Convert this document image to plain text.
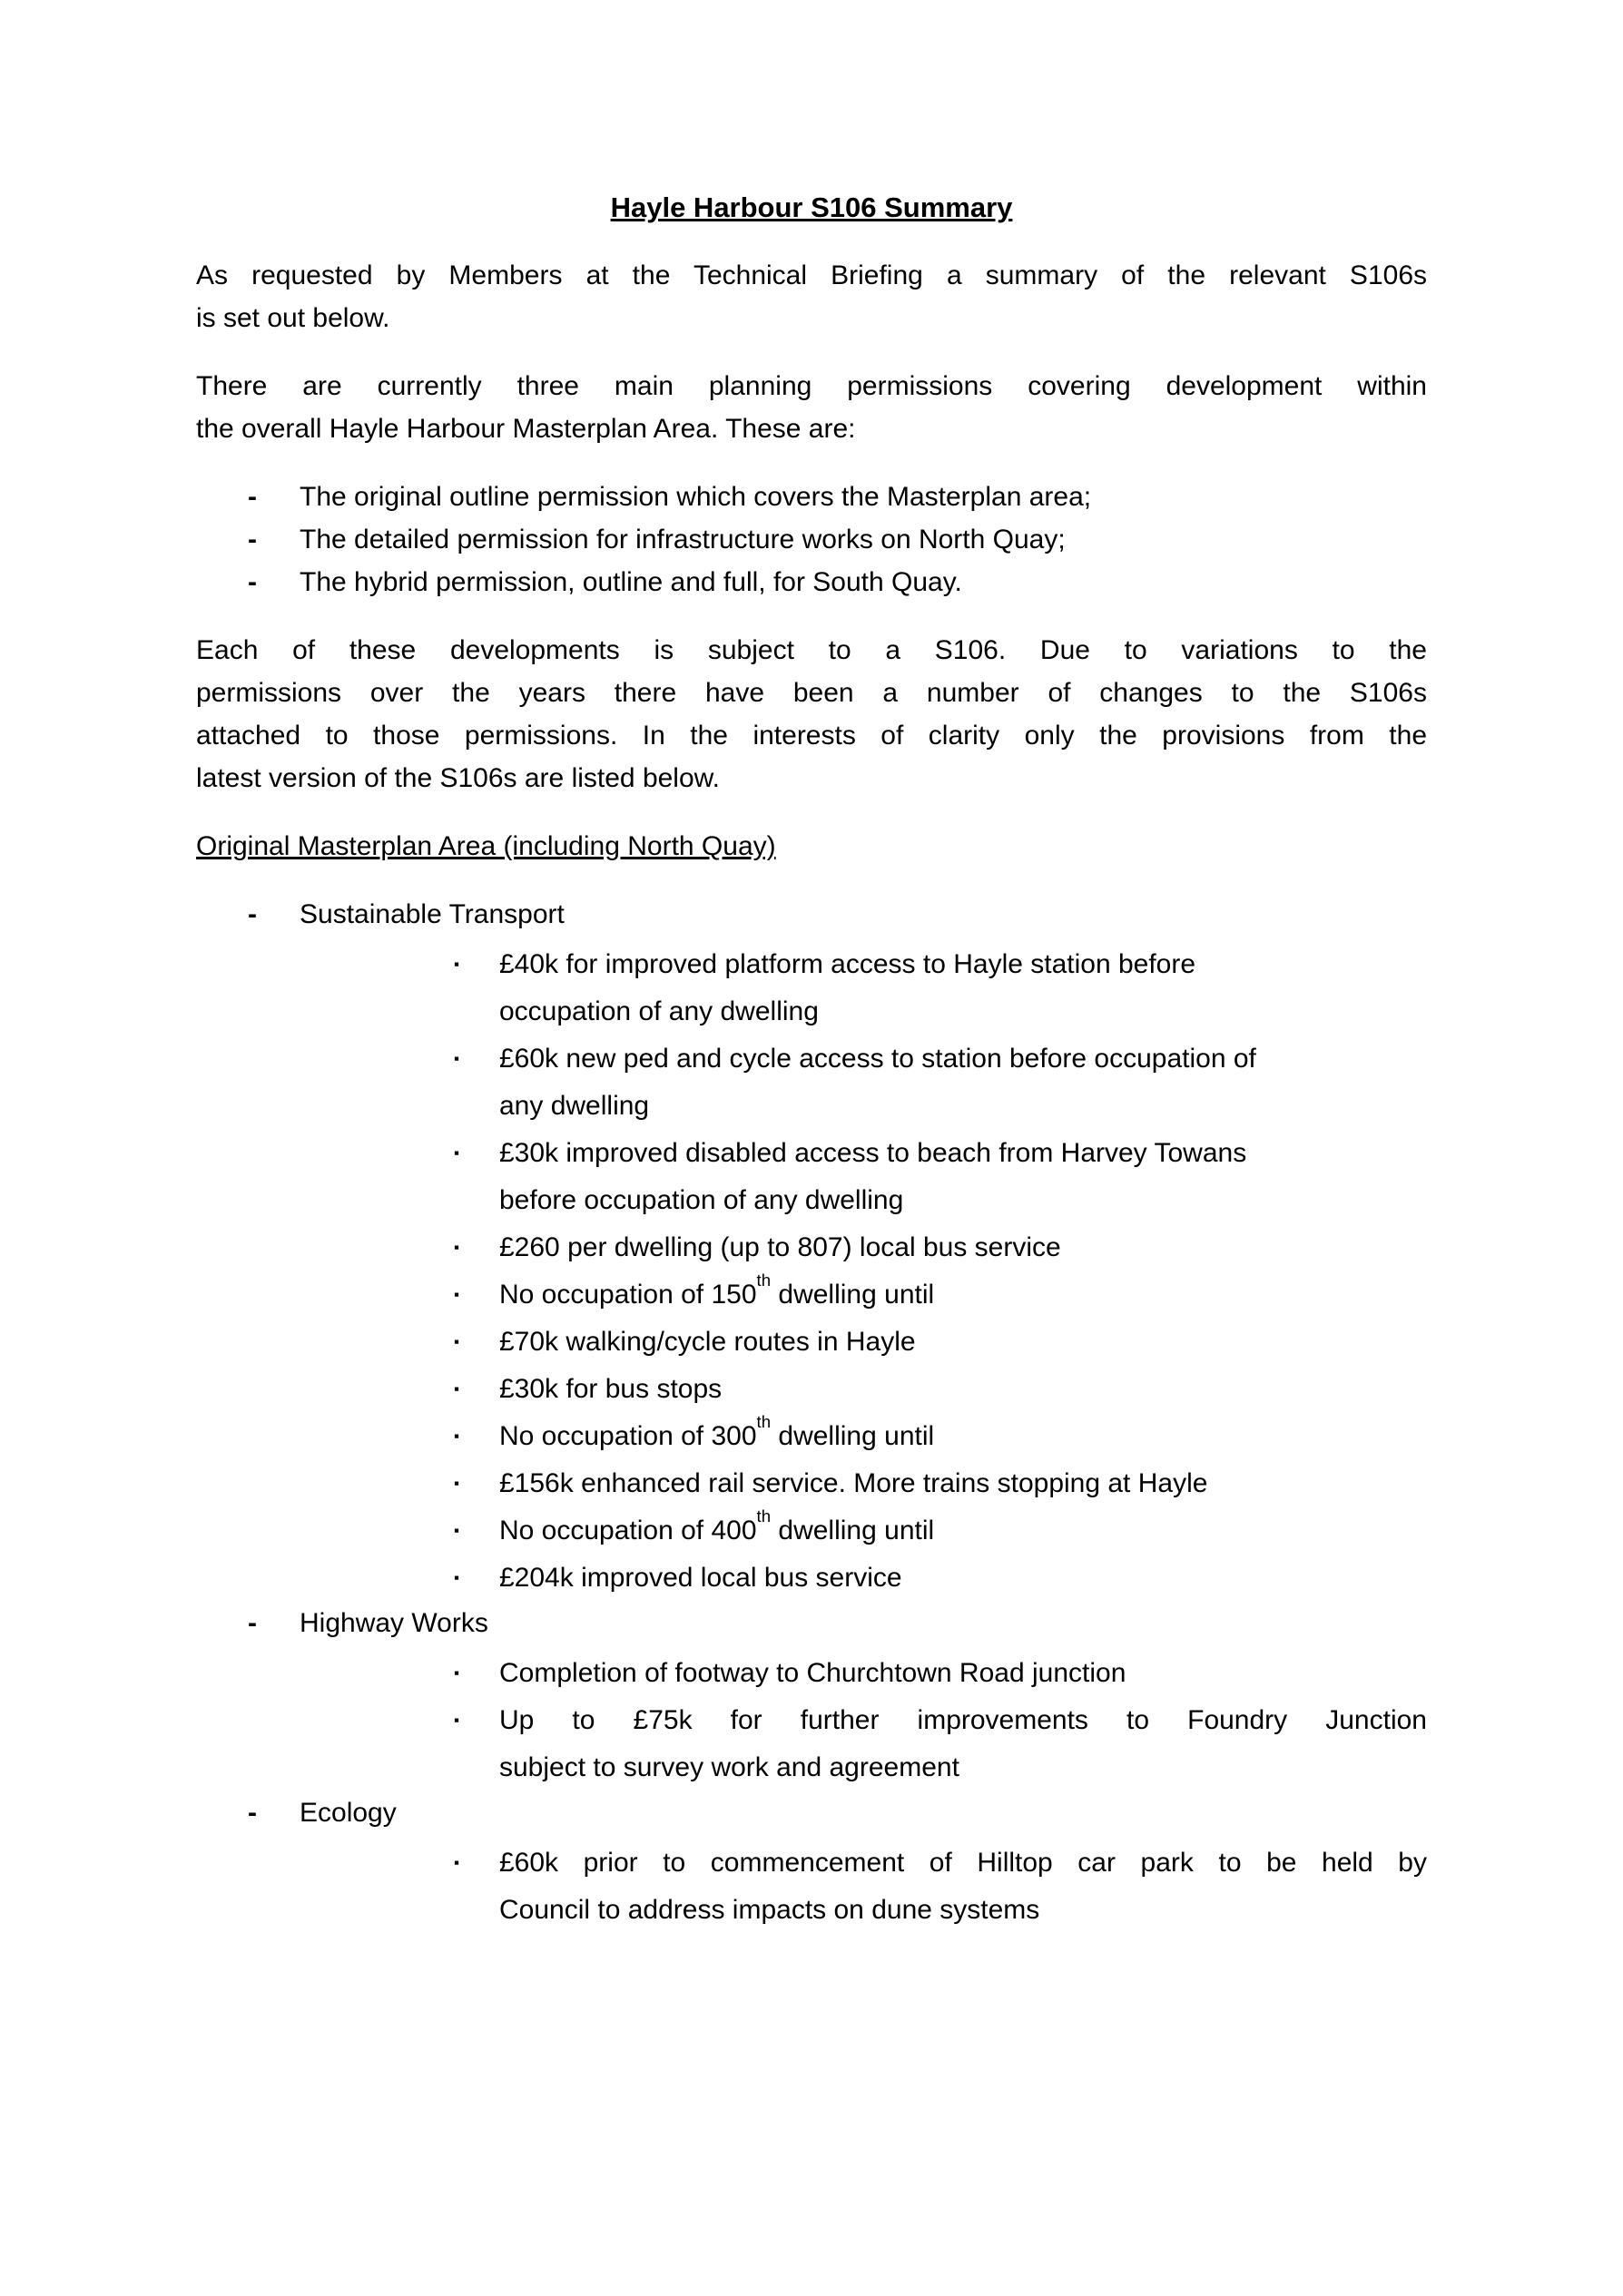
Hayle Harbour S106 Summary

As requested by Members at the Technical Briefing a summary of the relevant S106s
is set out below.

There are currently three main planning permissions covering development within
the overall Hayle Harbour Masterplan Area. These are:

- The original outline permission which covers the Masterplan area;
- The detailed permission for infrastructure works on North Quay;
- The hybrid permission, outline and full, for South Quay.

Each of these developments is subject to a S106. Due to variations to the
permissions over the years there have been a number of changes to the S106s
attached to those permissions. In the interests of clarity only the provisions from the
latest version of the S106s are listed below.

Original Masterplan Area (including North Quay)
- Sustainable Transport
▪ £40k for improved platform access to Hayle station before
occupation of any dwelling
▪ £60k new ped and cycle access to station before occupation of
any dwelling
▪ £30k improved disabled access to beach from Harvey Towans
before occupation of any dwelling
▪ £260 per dwelling (up to 807) local bus service
▪ No occupation of 150th dwelling until
▪ £70k walking/cycle routes in Hayle
▪ £30k for bus stops
▪ No occupation of 300th dwelling until
▪ £156k enhanced rail service. More trains stopping at Hayle
▪ No occupation of 400th dwelling until
▪ £204k improved local bus service
- Highway Works
▪ Completion of footway to Churchtown Road junction
▪ Up to £75k for further improvements to Foundry Junction
subject to survey work and agreement
- Ecology
▪ £60k prior to commencement of Hilltop car park to be held by
Council to address impacts on dune systems
